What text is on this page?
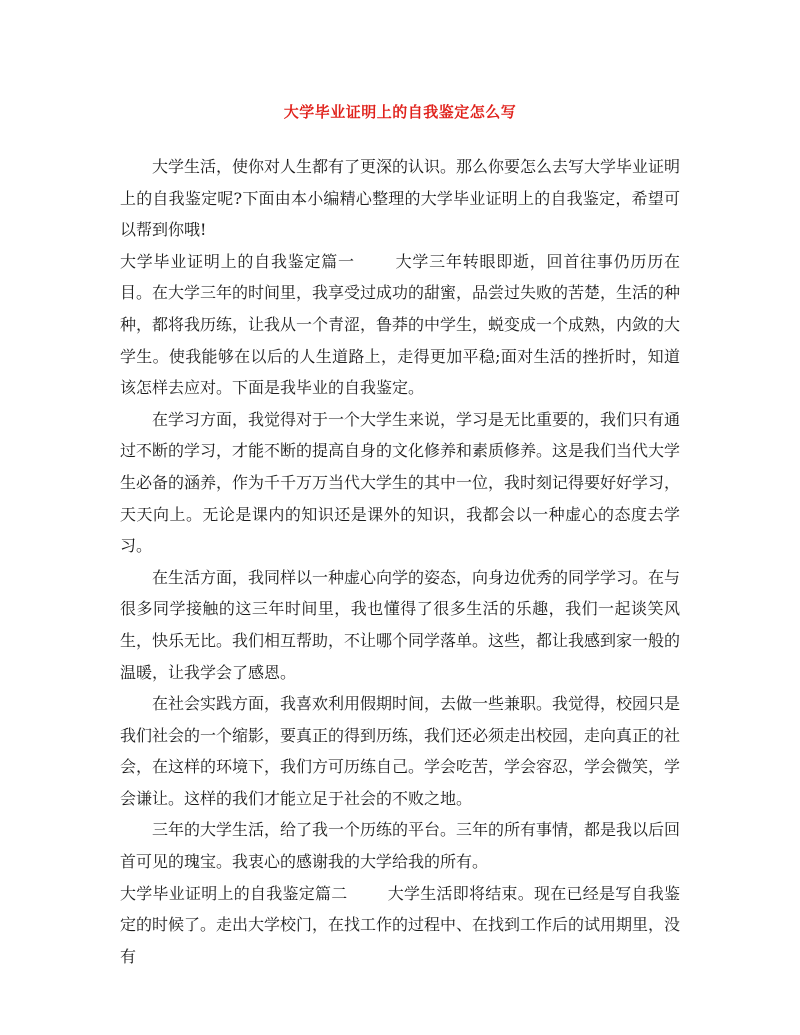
大学毕业证明上的自我鉴定怎么写

大学生活，使你对人生都有了更深的认识。那么你要怎么去写大学毕业证明上的自我鉴定呢?下面由本小编精心整理的大学毕业证明上的自我鉴定，希望可以帮到你哦!

大学毕业证明上的自我鉴定篇一	大学三年转眼即逝，回首往事仍历历在目。在大学三年的时间里，我享受过成功的甜蜜，品尝过失败的苦楚，生活的种种，都将我历练，让我从一个青涩，鲁莽的中学生，蜕变成一个成熟，内敛的大学生。使我能够在以后的人生道路上，走得更加平稳;面对生活的挫折时，知道该怎样去应对。下面是我毕业的自我鉴定。

在学习方面，我觉得对于一个大学生来说，学习是无比重要的，我们只有通过不断的学习，才能不断的提高自身的文化修养和素质修养。这是我们当代大学生必备的涵养，作为千千万万当代大学生的其中一位，我时刻记得要好好学习，天天向上。无论是课内的知识还是课外的知识，我都会以一种虚心的态度去学习。

在生活方面，我同样以一种虚心向学的姿态，向身边优秀的同学学习。在与很多同学接触的这三年时间里，我也懂得了很多生活的乐趣，我们一起谈笑风生，快乐无比。我们相互帮助，不让哪个同学落单。这些，都让我感到家一般的温暖，让我学会了感恩。

在社会实践方面，我喜欢利用假期时间，去做一些兼职。我觉得，校园只是我们社会的一个缩影，要真正的得到历练，我们还必须走出校园，走向真正的社会，在这样的环境下，我们方可历练自己。学会吃苦，学会容忍，学会微笑，学会谦让。这样的我们才能立足于社会的不败之地。

三年的大学生活，给了我一个历练的平台。三年的所有事情，都是我以后回首可见的瑰宝。我衷心的感谢我的大学给我的所有。

大学毕业证明上的自我鉴定篇二	大学生活即将结束。现在已经是写自我鉴定的时候了。走出大学校门，在找工作的过程中、在找到工作后的试用期里，没有
